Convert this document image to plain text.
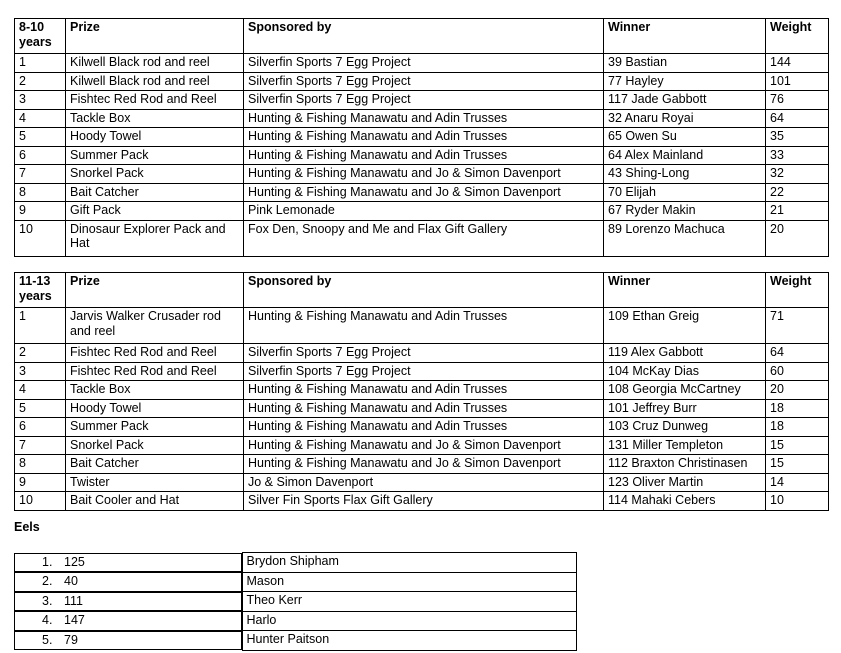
8-10 years	Prize	Sponsored by	Winner	Weight
1	Kilwell Black rod and reel	Silverfin Sports 7 Egg Project	39 Bastian	144
2	Kilwell Black rod and reel	Silverfin Sports 7 Egg Project	77 Hayley	101
3	Fishtec Red Rod and Reel	Silverfin Sports 7 Egg Project	117 Jade Gabbott	76
4	Tackle Box	Hunting & Fishing Manawatu and Adin Trusses	32 Anaru Royai	64
5	Hoody Towel	Hunting & Fishing Manawatu and Adin Trusses	65 Owen Su	35
6	Summer Pack	Hunting & Fishing Manawatu and Adin Trusses	64 Alex Mainland	33
7	Snorkel Pack	Hunting & Fishing Manawatu and Jo & Simon Davenport	43 Shing-Long	32
8	Bait Catcher	Hunting & Fishing Manawatu and Jo & Simon Davenport	70 Elijah	22
9	Gift Pack	Pink Lemonade	67 Ryder Makin	21
10	Dinosaur Explorer Pack and Hat	Fox Den, Snoopy and Me and Flax Gift Gallery	89 Lorenzo Machuca	20
11-13 years	Prize	Sponsored by	Winner	Weight
1	Jarvis Walker Crusader rod and reel	Hunting & Fishing Manawatu and Adin Trusses	109 Ethan Greig	71
2	Fishtec Red Rod and Reel	Silverfin Sports 7 Egg Project	119 Alex Gabbott	64
3	Fishtec Red Rod and Reel	Silverfin Sports 7 Egg Project	104 McKay Dias	60
4	Tackle Box	Hunting & Fishing Manawatu and Adin Trusses	108 Georgia McCartney	20
5	Hoody Towel	Hunting & Fishing Manawatu and Adin Trusses	101 Jeffrey Burr	18
6	Summer Pack	Hunting & Fishing Manawatu and Adin Trusses	103 Cruz Dunweg	18
7	Snorkel Pack	Hunting & Fishing Manawatu and Jo & Simon Davenport	131 Miller Templeton	15
8	Bait Catcher	Hunting & Fishing Manawatu and Jo & Simon Davenport	112 Braxton Christinasen	15
9	Twister	Jo & Simon Davenport	123 Oliver Martin	14
10	Bait Cooler and Hat	Silver Fin Sports Flax Gift Gallery	114 Mahaki Cebers	10
Eels
1. 125	Brydon Shipham

2. 40	Mason

3. 111	Theo Kerr

4. 147	Harlo

5. 79	Hunter Paitson
